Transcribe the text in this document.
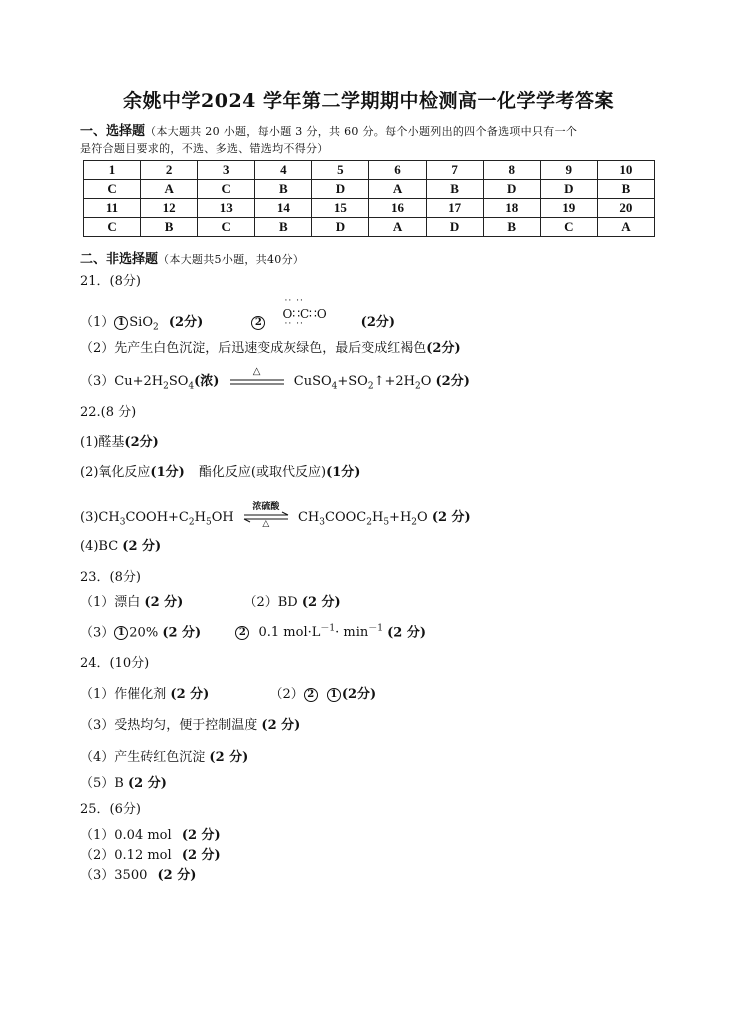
余姚中学2024 学年第二学期期中检测高一化学学考答案
一、选择题（本大题共 20 小题，每小题 3 分，共 60 分。每个小题列出的四个备选项中只有一个
是符合题目要求的，不选、多选、错选均不得分）
1	2	3	4	5	6	7	8	9	10
C	A	C	B	D	A	B	D	D	B
11	12	13	14	15	16	17	18	19	20
C	B	C	B	D	A	D	B	C	A
二、非选择题（本大题共5小题，共40分）
21．(8分)
（1） 1 SiO$_2$ (2分)	2
·· ··
O∷C∷O
·· ··	(2分)
（2）先产生白色沉淀，后迅速变成灰绿色，最后变成红褐色(2分)
$(3)Cu+2H_2SO_4$(浓)
△
$CuSO_4+SO_2↑+2H_2O$ (2分)
22.(8 分)
(1)醛基(2分)
(2)氧化反应(1分) 酯化反应(或取代反应)(1分)
$(3)CH_3COOH+C_2H_5OH$
浓硫酸
△	$CH_3COOC_2H_5+H_2O$ (2 分)
(4)BC (2 分)
23．(8分)
（1）漂白 (2 分)	（2）BD (2 分)
（3） 1 20% (2 分)	2 0.1 $mol\cdot L^{-1}\cdot \min^{-1} (2$ 分)
24．(10分)
（1）作催化剂 (2 分)	（2） 2 1 (2分)
（3）受热均匀，便于控制温度 (2 分)
（4）产生砖红色沉淀 (2 分)
（5）B (2 分)
25．(6分)
（1）0.04 mol (2 分)
（2）0.12 mol (2 分)
（3）3500 (2 分)
